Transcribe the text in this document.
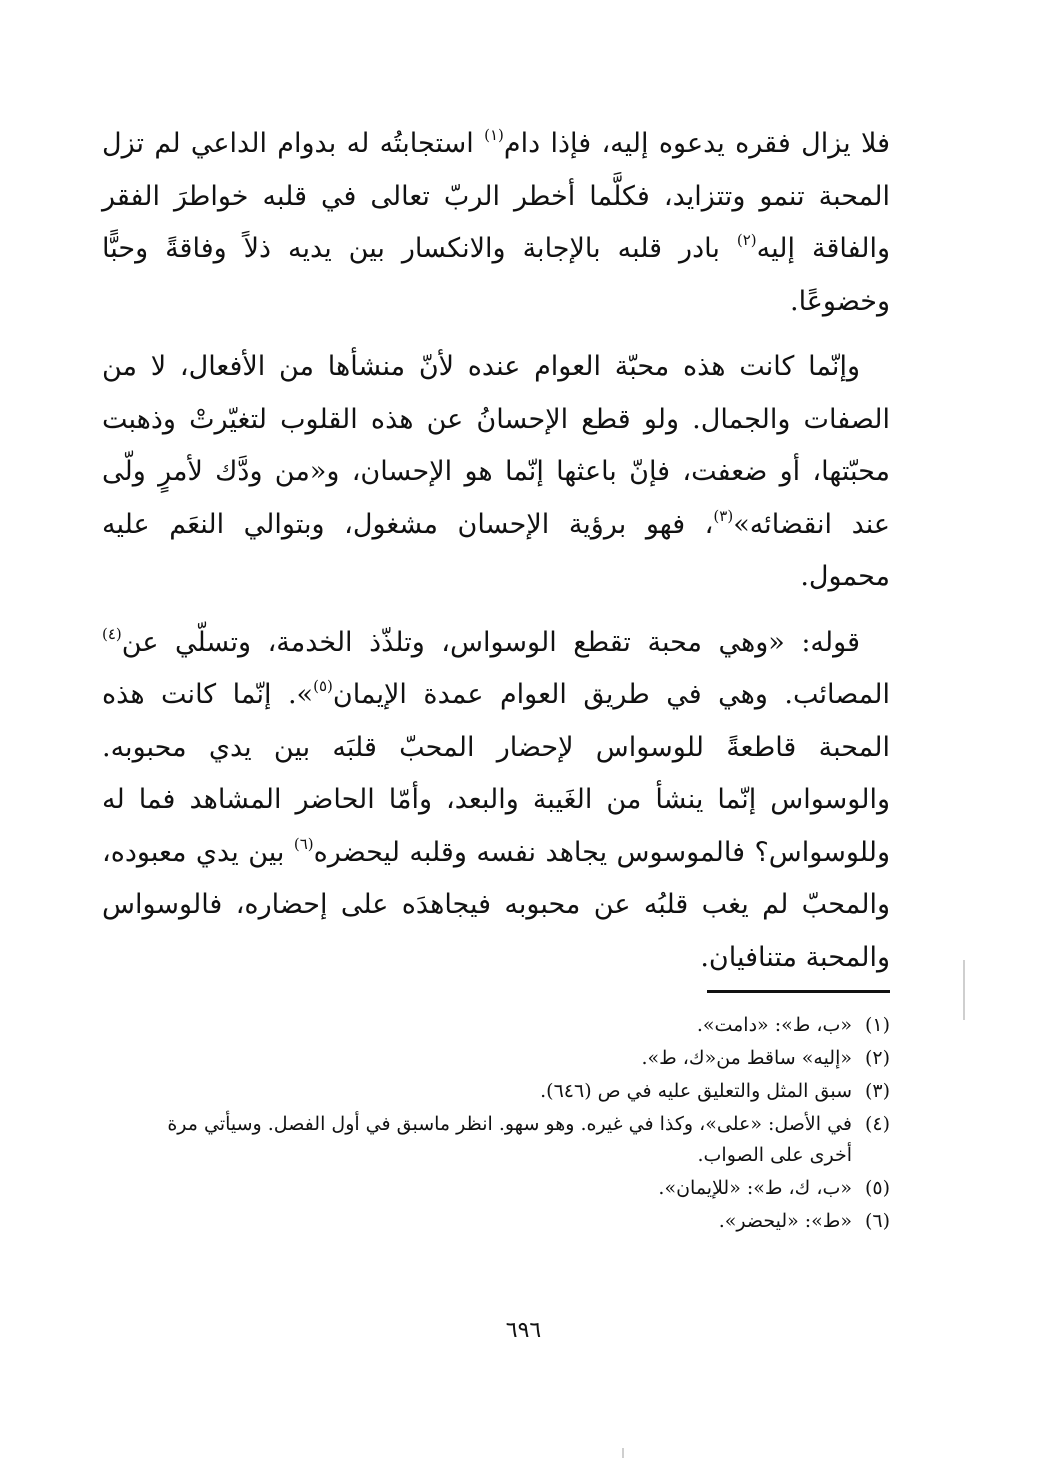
فلا يزال فقره يدعوه إليه، فإذا دام$^{(١)}$ استجابتُه له بدوام الداعي لم تزل المحبة تنمو وتتزايد، فكلَّما أخطر الربّ تعالى في قلبه خواطرَ الفقر والفاقة إليه$^{(٢)}$ بادر قلبه بالإجابة والانكسار بين يديه ذلاً وفاقةً وحبًّا وخضوعًا.

وإنّما كانت هذه محبّة العوام عنده لأنّ منشأها من الأفعال، لا من الصفات والجمال. ولو قطع الإحسانُ عن هذه القلوب لتغيّرتْ وذهبت محبّتها، أو ضعفت، فإنّ باعثها إنّما هو الإحسان، و«من ودَّك لأمرٍ ولّى عند انقضائه»$^{(٣)}$، فهو برؤية الإحسان مشغول، وبتوالي النعَم عليه محمول.

قوله: «وهي محبة تقطع الوسواس، وتلذّذ الخدمة، وتسلّي عن$^{(٤)}$ المصائب. وهي في طريق العوام عمدة الإيمان$^{(٥)}$». إنّما كانت هذه المحبة قاطعةً للوسواس لإحضار المحبّ قلبَه بين يدي محبوبه. والوسواس إنّما ينشأ من الغَيبة والبعد، وأمّا الحاضر المشاهد فما له وللوسواس؟ فالموسوس يجاهد نفسه وقلبه ليحضره$^{(٦)}$ بين يدي معبوده، والمحبّ لم يغب قلبُه عن محبوبه فيجاهدَه على إحضاره، فالوسواس والمحبة متنافيان.

(١)
«ب، ط»: «دامت».
(٢)
«إليه» ساقط من«ك، ط».
(٣)
سبق المثل والتعليق عليه في ص (٦٤٦).
(٤)
في الأصل: «على»، وكذا في غيره. وهو سهو. انظر ماسبق في أول الفصل. وسيأتي مرة أخرى على الصواب.
(٥)
«ب، ك، ط»: «للإيمان».
(٦)
«ط»: «ليحضر».
٦٩٦
